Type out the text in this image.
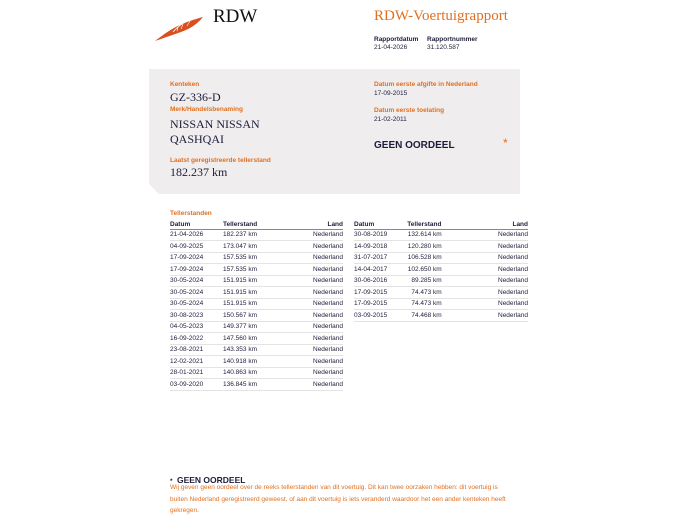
RDW	RDW-Voertuigrapport
Rapportdatum
21-04-2026
Rapportnummer
31.120.587
Kenteken
GZ-336-D
Merk/Handelsbenaming
NISSAN NISSAN
QASHQAI
Laatst geregistreerde tellerstand
182.237 km
Datum eerste afgifte in Nederland
17-09-2015
Datum eerste toelating
21-02-2011
GEEN OORDEEL	*
Tellerstanden
Datum	Tellerstand	Land
21-04-2026	182.237 km	Nederland
04-09-2025	173.047 km	Nederland
17-09-2024	157.535 km	Nederland
17-09-2024	157.535 km	Nederland
30-05-2024	151.915 km	Nederland
30-05-2024	151.915 km	Nederland
30-05-2024	151.915 km	Nederland
30-08-2023	150.567 km	Nederland
04-05-2023	149.377 km	Nederland
16-09-2022	147.560 km	Nederland
23-08-2021	143.353 km	Nederland
12-02-2021	140.918 km	Nederland
28-01-2021	140.863 km	Nederland
03-09-2020	136.845 km	Nederland
Datum	Tellerstand	Land
30-08-2019	132.614 km	Nederland
14-09-2018	120.280 km	Nederland
31-07-2017	106.528 km	Nederland
14-04-2017	102.650 km	Nederland
30-06-2016	89.285 km	Nederland
17-09-2015	74.473 km	Nederland
17-09-2015	74.473 km	Nederland
03-09-2015	74.468 km	Nederland
* GEEN OORDEEL
Wij geven geen oordeel over de reeks tellerstanden van dit voertuig. Dit kan twee oorzaken hebben: dit voertuig is buiten Nederland geregistreerd geweest, of aan dit voertuig is iets veranderd waardoor het een ander kenteken heeft gekregen.
